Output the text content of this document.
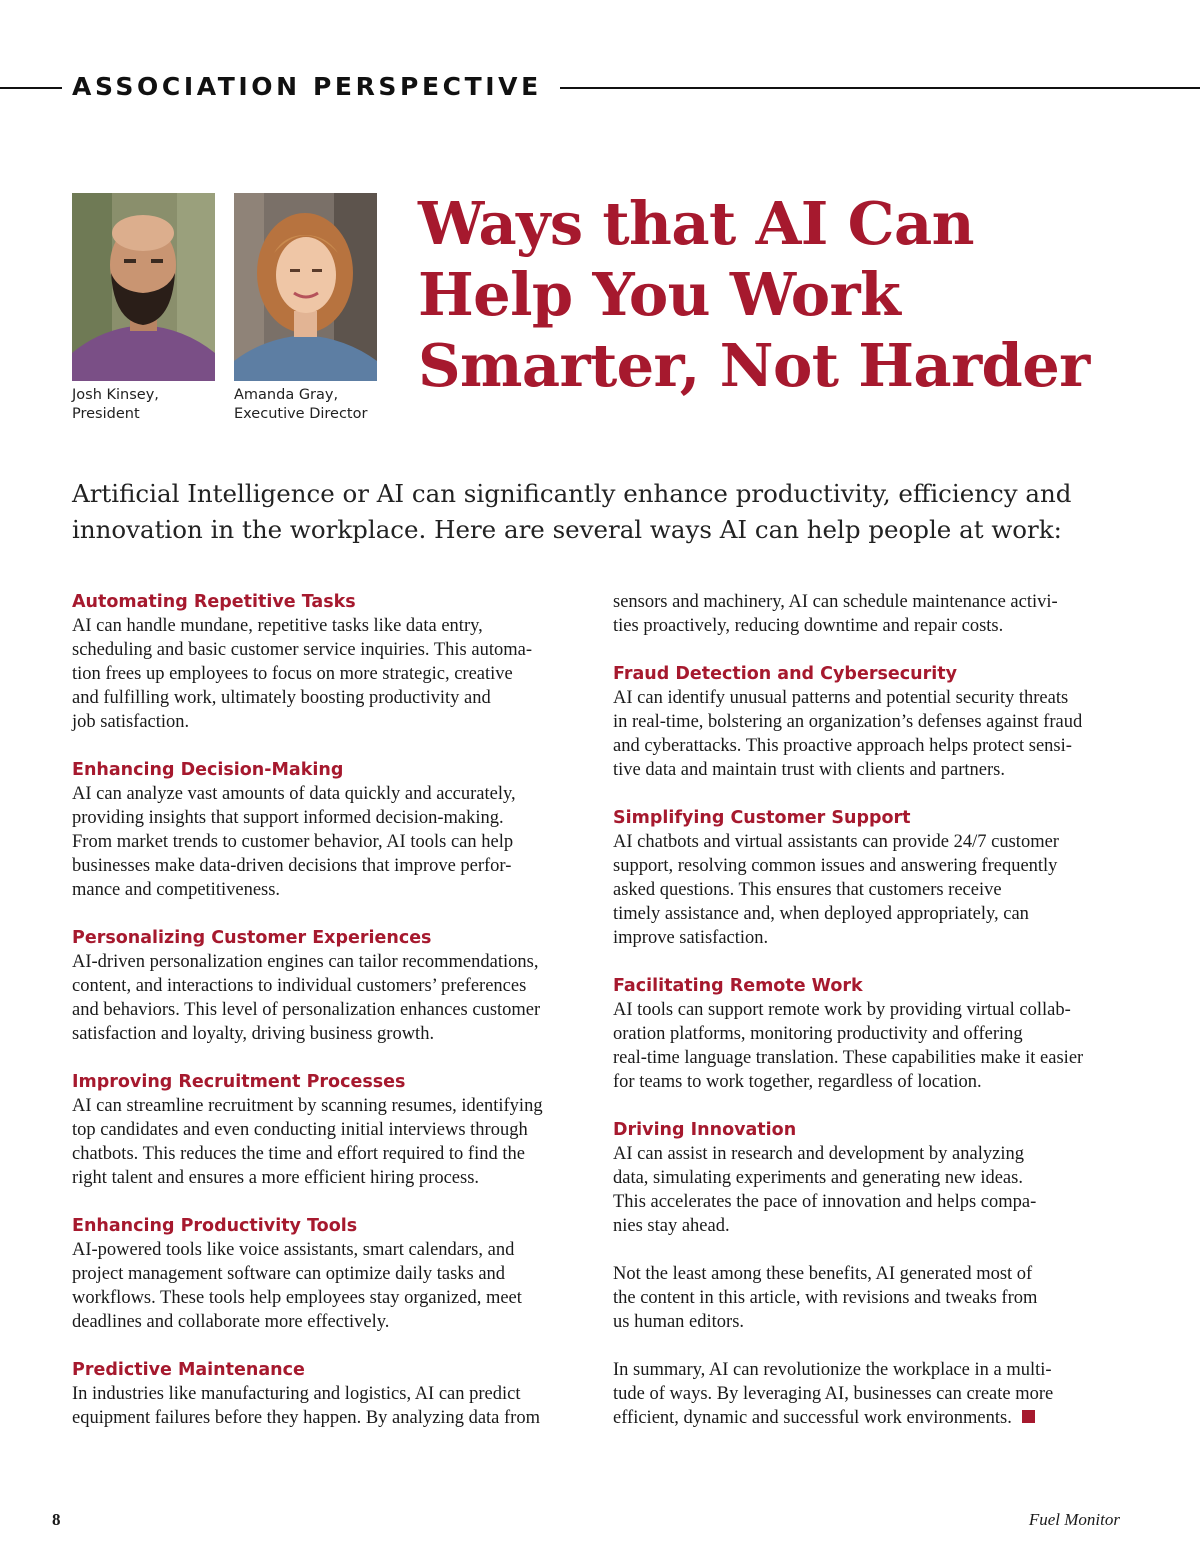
ASSOCIATION PERSPECTIVE
Josh Kinsey,
President
Amanda Gray,
Executive Director
Ways that AI Can
Help You Work
Smarter, Not Harder

Artificial Intelligence or AI can significantly enhance productivity, efficiency and
innovation in the workplace. Here are several ways AI can help people at work:

Automating Repetitive Tasks
AI can handle mundane, repetitive tasks like data entry,
scheduling and basic customer service inquiries. This automa-
tion frees up employees to focus on more strategic, creative
and fulfilling work, ultimately boosting productivity and
job satisfaction.
Enhancing Decision-Making
AI can analyze vast amounts of data quickly and accurately,
providing insights that support informed decision-making.
From market trends to customer behavior, AI tools can help
businesses make data-driven decisions that improve perfor-
mance and competitiveness.
Personalizing Customer Experiences
AI-driven personalization engines can tailor recommendations,
content, and interactions to individual customers’ preferences
and behaviors. This level of personalization enhances customer
satisfaction and loyalty, driving business growth.
Improving Recruitment Processes
AI can streamline recruitment by scanning resumes, identifying
top candidates and even conducting initial interviews through
chatbots. This reduces the time and effort required to find the
right talent and ensures a more efficient hiring process.
Enhancing Productivity Tools
AI-powered tools like voice assistants, smart calendars, and
project management software can optimize daily tasks and
workflows. These tools help employees stay organized, meet
deadlines and collaborate more effectively.
Predictive Maintenance
In industries like manufacturing and logistics, AI can predict
equipment failures before they happen. By analyzing data from
sensors and machinery, AI can schedule maintenance activi-
ties proactively, reducing downtime and repair costs.
Fraud Detection and Cybersecurity
AI can identify unusual patterns and potential security threats
in real-time, bolstering an organization’s defenses against fraud
and cyberattacks. This proactive approach helps protect sensi-
tive data and maintain trust with clients and partners.
Simplifying Customer Support
AI chatbots and virtual assistants can provide 24/7 customer
support, resolving common issues and answering frequently
asked questions. This ensures that customers receive
timely assistance and, when deployed appropriately, can
improve satisfaction.
Facilitating Remote Work
AI tools can support remote work by providing virtual collab-
oration platforms, monitoring productivity and offering
real-time language translation. These capabilities make it easier
for teams to work together, regardless of location.
Driving Innovation
AI can assist in research and development by analyzing
data, simulating experiments and generating new ideas.
This accelerates the pace of innovation and helps compa-
nies stay ahead.
Not the least among these benefits, AI generated most of
the content in this article, with revisions and tweaks from
us human editors.
In summary, AI can revolutionize the workplace in a multi-
tude of ways. By leveraging AI, businesses can create more
efficient, dynamic and successful work environments.
8	Fuel Monitor
